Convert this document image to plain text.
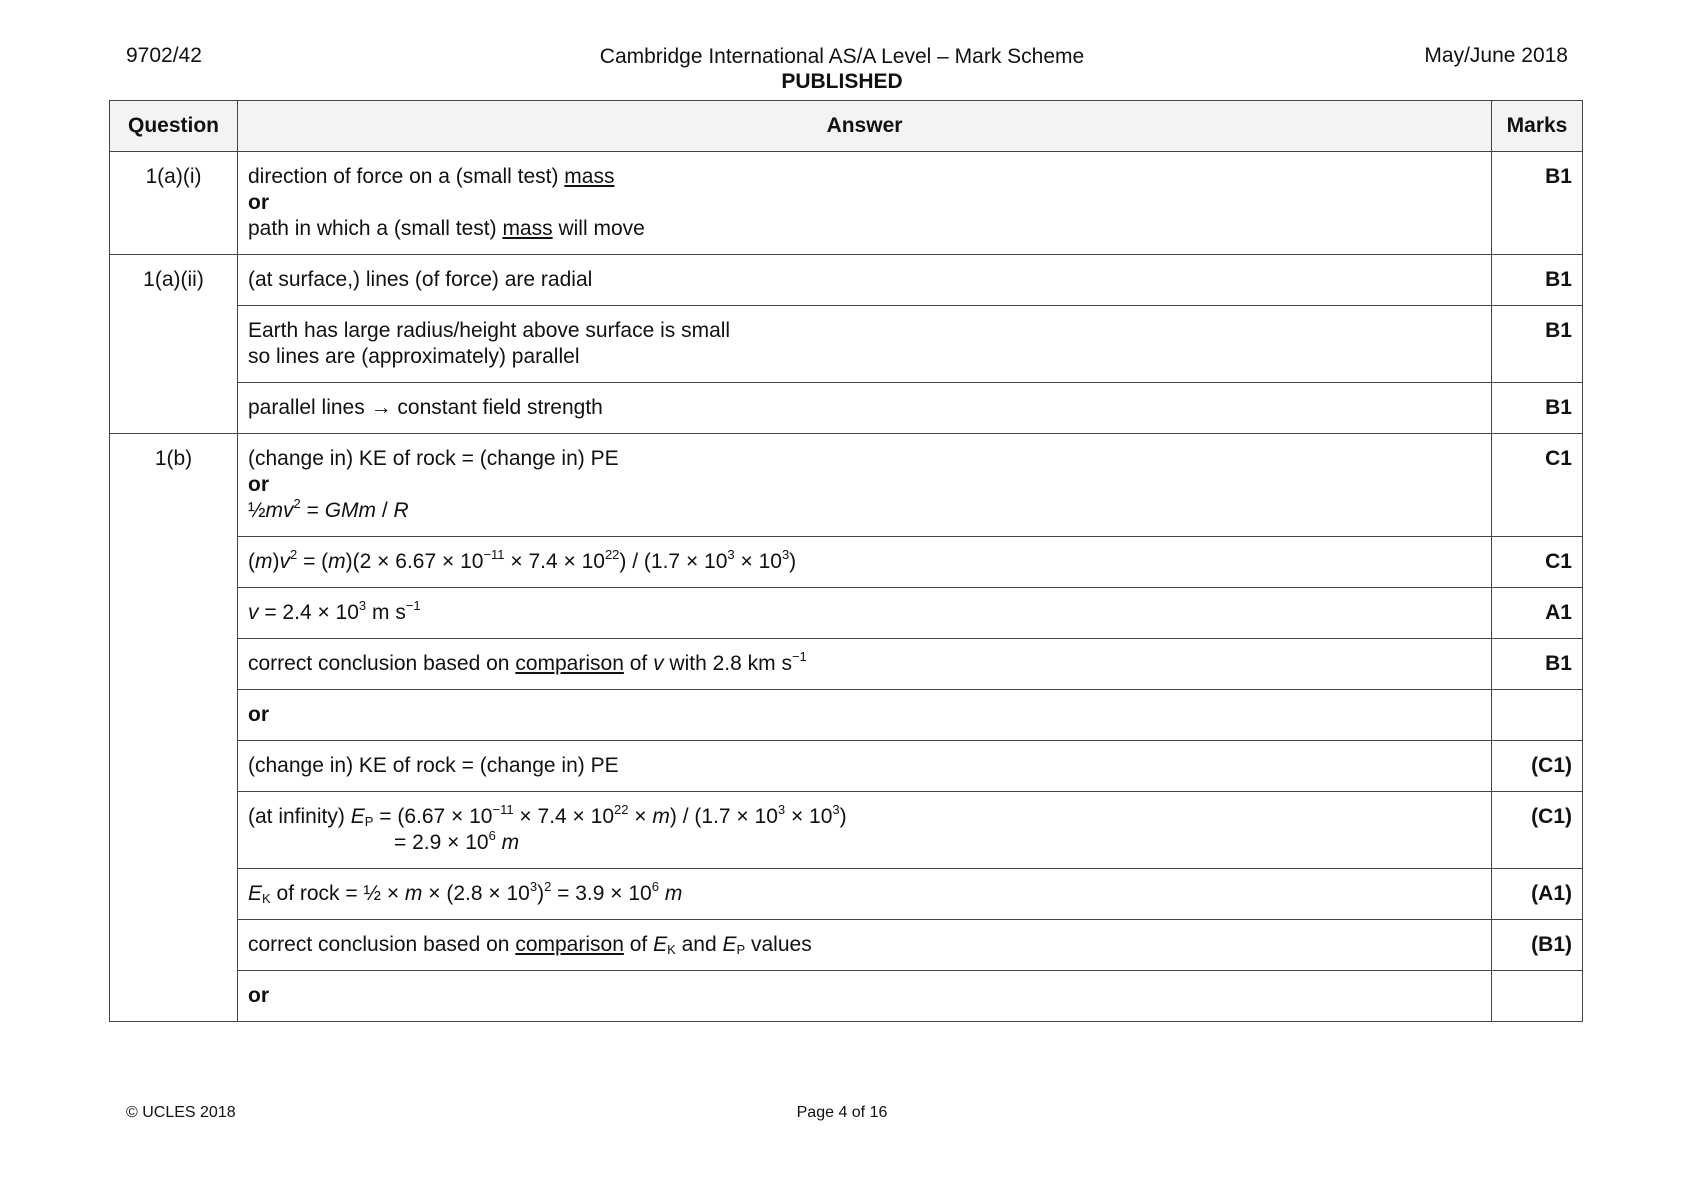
9702/42	Cambridge International AS/A Level – Mark Scheme
PUBLISHED
May/June 2018
Question	Answer	Marks
1(a)(i)	direction of force on a (small test) mass
or
path in which a (small test) mass will move	B1
1(a)(ii)	(at surface,) lines (of force) are radial	B1

	Earth has large radius/height above surface is small
so lines are (approximately) parallel	B1
	parallel lines → constant field strength	B1
1(b)	(change in) KE of rock = (change in) PE
or
$\frac{1}{2}mv^2$ = GMm / R	C1
	$(m)v^2 = (m)(2 \times 6.67 \times 10^{-11} \times 7.4 \times 10^{22}) / (1.7 \times 10^3 \times 10^3)$	C1
	$v = 2.4 \times 10^3$ m $s^{-1}$	A1
	correct conclusion based on comparison of v with 2.8 km $s^{-1}$	B1
	or	
	(change in) KE of rock = (change in) PE	(C1)

	(at infinity) $E_P = (6.67 \times 10^{-11} \times 7.4 \times 10^{22} \times m) / (1.7 \times 10^3 \times 10^3)$
= $2.9 \times 10^6$ m	(C1)
	$E_K$ of rock = ½ × $m \times (2.8 \times 10^3)^2 = 3.9 \times 10^6$ m	(A1)
	correct conclusion based on comparison of $E_K$ and $E_P$ values	(B1)
	or	
© UCLES 2018	Page 4 of 16
